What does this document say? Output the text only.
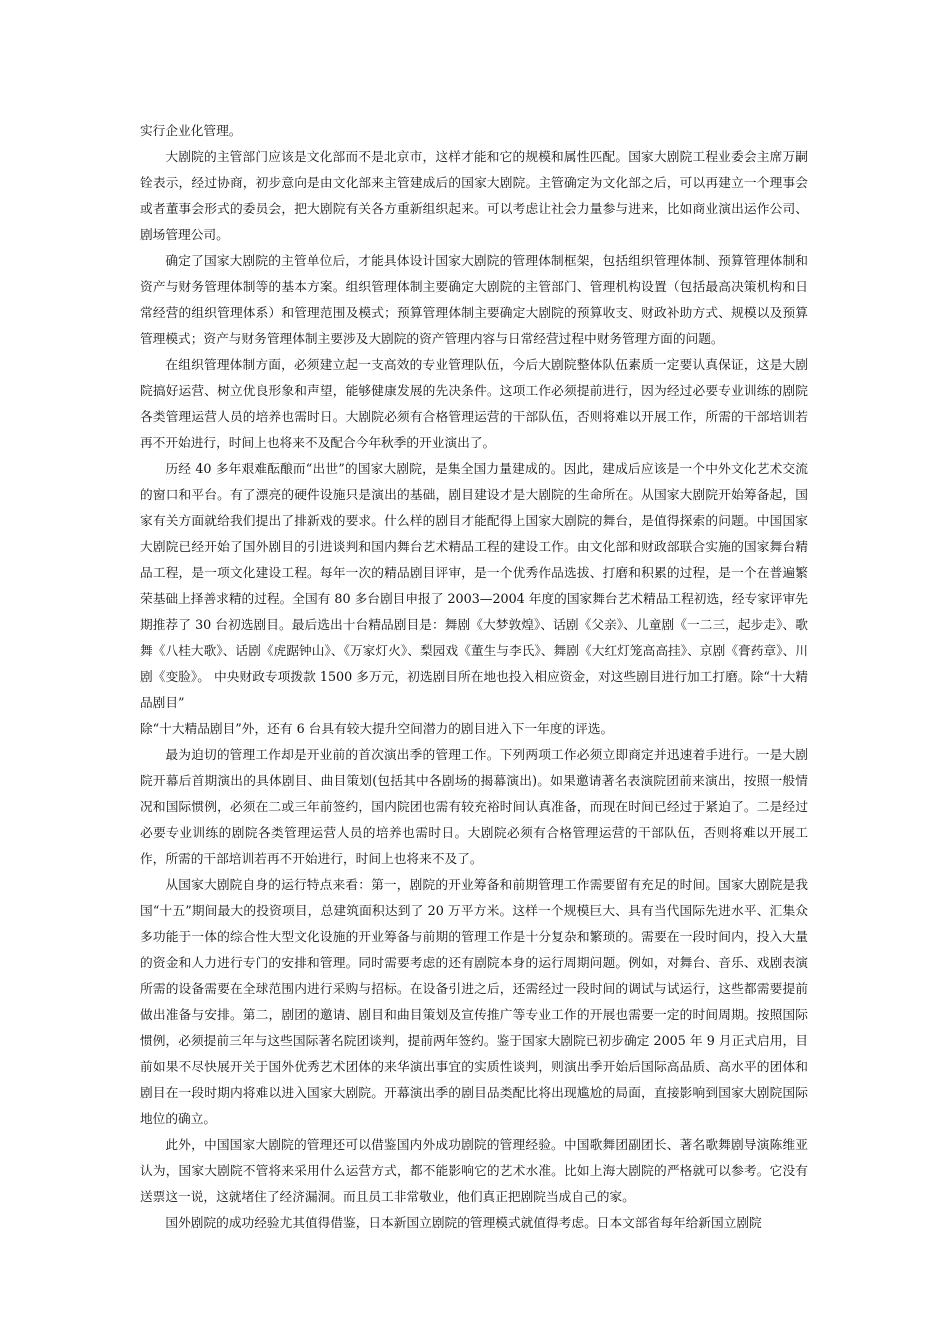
实行企业化管理。

大剧院的主管部门应该是文化部而不是北京市，这样才能和它的规模和属性匹配。国家大剧院工程业委会主席万嗣铨表示，经过协商，初步意向是由文化部来主管建成后的国家大剧院。主管确定为文化部之后，可以再建立一个理事会或者董事会形式的委员会，把大剧院有关各方重新组织起来。可以考虑让社会力量参与进来，比如商业演出运作公司、剧场管理公司。

确定了国家大剧院的主管单位后，才能具体设计国家大剧院的管理体制框架，包括组织管理体制、预算管理体制和资产与财务管理体制等的基本方案。组织管理体制主要确定大剧院的主管部门、管理机构设置（包括最高决策机构和日常经营的组织管理体系）和管理范围及模式；预算管理体制主要确定大剧院的预算收支、财政补助方式、规模以及预算管理模式；资产与财务管理体制主要涉及大剧院的资产管理内容与日常经营过程中财务管理方面的问题。

在组织管理体制方面，必须建立起一支高效的专业管理队伍，今后大剧院整体队伍素质一定要认真保证，这是大剧院搞好运营、树立优良形象和声望，能够健康发展的先决条件。这项工作必须提前进行，因为经过必要专业训练的剧院各类管理运营人员的培养也需时日。大剧院必须有合格管理运营的干部队伍，否则将难以开展工作，所需的干部培训若再不开始进行，时间上也将来不及配合今年秋季的开业演出了。

历经 40 多年艰难酝酿而“出世”的国家大剧院，是集全国力量建成的。因此，建成后应该是一个中外文化艺术交流的窗口和平台。有了漂亮的硬件设施只是演出的基础，剧目建设才是大剧院的生命所在。从国家大剧院开始筹备起，国家有关方面就给我们提出了排新戏的要求。什么样的剧目才能配得上国家大剧院的舞台，是值得探索的问题。中国国家大剧院已经开始了国外剧目的引进谈判和国内舞台艺术精品工程的建设工作。由文化部和财政部联合实施的国家舞台精品工程，是一项文化建设工程。每年一次的精品剧目评审，是一个优秀作品选拔、打磨和积累的过程，是一个在普遍繁荣基础上择善求精的过程。全国有 80 多台剧目申报了 2003—2004 年度的国家舞台艺术精品工程初选，经专家评审先期推荐了 30 台初选剧目。最后选出十台精品剧目是：舞剧《大梦敦煌》、话剧《父亲》、儿童剧《一二三，起步走》、歌舞《八桂大歌》、话剧《虎踞钟山》、《万家灯火》、梨园戏《董生与李氏》、舞剧《大红灯笼高高挂》、京剧《膏药章》、川剧《变脸》。 中央财政专项拨款 1500 多万元，初选剧目所在地也投入相应资金，对这些剧目进行加工打磨。除“十大精品剧目”

除“十大精品剧目”外，还有 6 台具有较大提升空间潜力的剧目进入下一年度的评选。

最为迫切的管理工作却是开业前的首次演出季的管理工作。下列两项工作必须立即商定并迅速着手进行。一是大剧院开幕后首期演出的具体剧目、曲目策划(包括其中各剧场的揭幕演出)。如果邀请著名表演院团前来演出，按照一般情况和国际惯例，必须在二或三年前签约，国内院团也需有较充裕时间认真准备，而现在时间已经过于紧迫了。二是经过必要专业训练的剧院各类管理运营人员的培养也需时日。大剧院必须有合格管理运营的干部队伍，否则将难以开展工作，所需的干部培训若再不开始进行，时间上也将来不及了。

从国家大剧院自身的运行特点来看：第一，剧院的开业筹备和前期管理工作需要留有充足的时间。国家大剧院是我国“十五”期间最大的投资项目，总建筑面积达到了 20 万平方米。这样一个规模巨大、具有当代国际先进水平、汇集众多功能于一体的综合性大型文化设施的开业筹备与前期的管理工作是十分复杂和繁琐的。需要在一段时间内，投入大量的资金和人力进行专门的安排和管理。同时需要考虑的还有剧院本身的运行周期问题。例如，对舞台、音乐、戏剧表演所需的设备需要在全球范围内进行采购与招标。在设备引进之后，还需经过一段时间的调试与试运行，这些都需要提前做出准备与安排。第二，剧团的邀请、剧目和曲目策划及宣传推广等专业工作的开展也需要一定的时间周期。按照国际惯例，必须提前三年与这些国际著名院团谈判，提前两年签约。鉴于国家大剧院已初步确定 2005 年 9 月正式启用，目前如果不尽快展开关于国外优秀艺术团体的来华演出事宜的实质性谈判，则演出季开始后国际高品质、高水平的团体和剧目在一段时期内将难以进入国家大剧院。开幕演出季的剧目品类配比将出现尴尬的局面，直接影响到国家大剧院国际地位的确立。

此外，中国国家大剧院的管理还可以借鉴国内外成功剧院的管理经验。中国歌舞团副团长、著名歌舞剧导演陈维亚认为，国家大剧院不管将来采用什么运营方式，都不能影响它的艺术水准。比如上海大剧院的严格就可以参考。它没有送票这一说，这就堵住了经济漏洞。而且员工非常敬业，他们真正把剧院当成自己的家。

国外剧院的成功经验尤其值得借鉴，日本新国立剧院的管理模式就值得考虑。日本文部省每年给新国立剧院
